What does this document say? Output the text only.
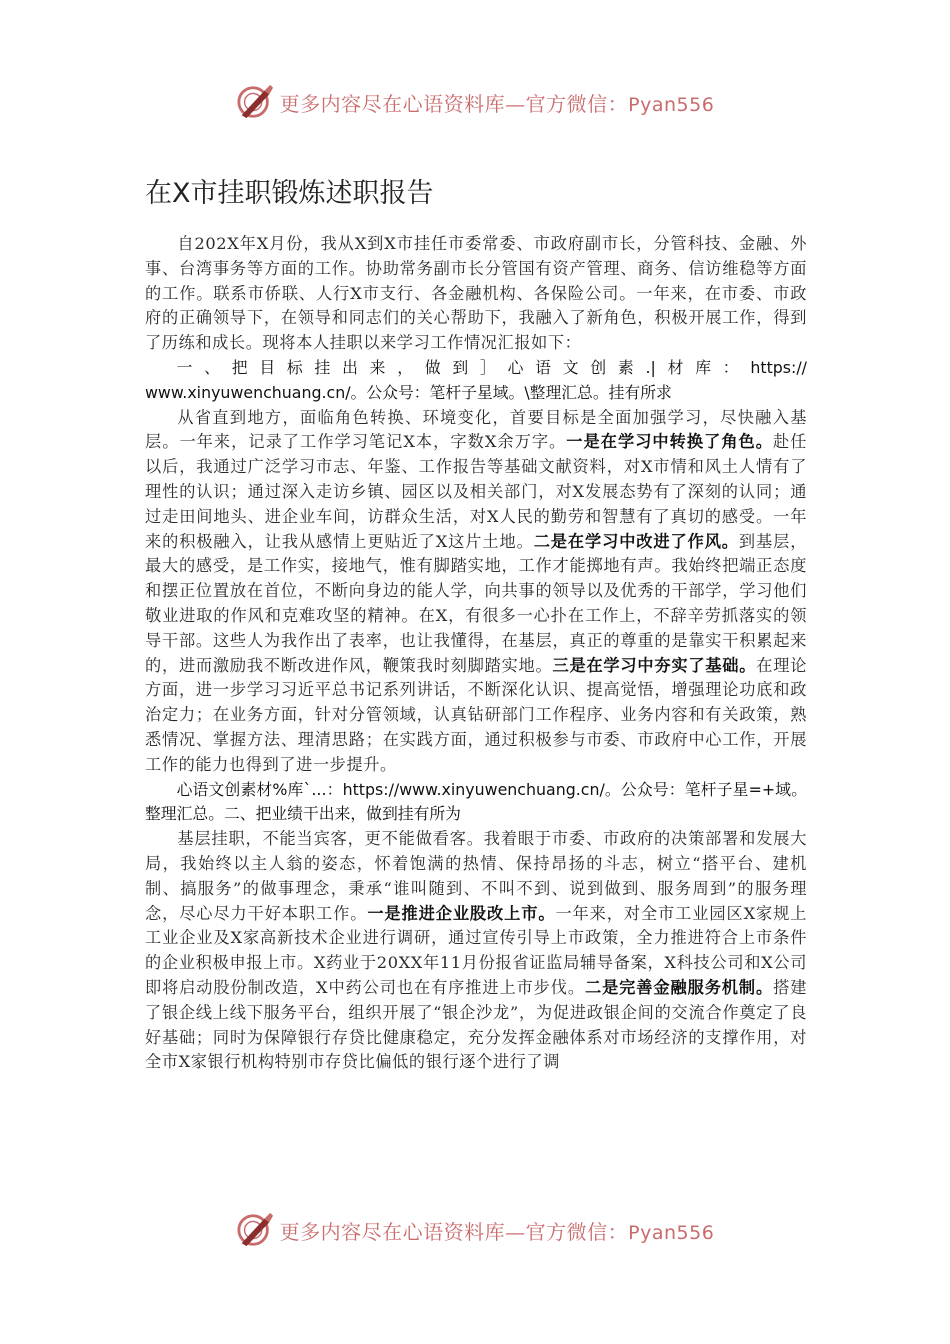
更多内容尽在心语资料库—官方微信：Pyan556
在X市挂职锻炼述职报告

自202X年X月份，我从X到X市挂任市委常委、市政府副市长，分管科技、金融、外事、台湾事务等方面的工作。协助常务副市长分管国有资产管理、商务、信访维稳等方面的工作。联系市侨联、人行X市支行、各金融机构、各保险公司。一年来，在市委、市政府的正确领导下，在领导和同志们的关心帮助下，我融入了新角色，积极开展工作，得到了历练和成长。现将本人挂职以来学习工作情况汇报如下：

一、把目标挂出来，做到］心语文创素.|材库：https://

www.xinyuwenchuang.cn/。公众号：笔杆子星域。\整理汇总。挂有所求

从省直到地方，面临角色转换、环境变化，首要目标是全面加强学习，尽快融入基层。一年来，记录了工作学习笔记X本，字数X余万字。一是在学习中转换了角色。赴任以后，我通过广泛学习市志、年鉴、工作报告等基础文献资料，对X市情和风土人情有了理性的认识；通过深入走访乡镇、园区以及相关部门，对X发展态势有了深刻的认同；通过走田间地头、进企业车间，访群众生活，对X人民的勤劳和智慧有了真切的感受。一年来的积极融入，让我从感情上更贴近了X这片土地。二是在学习中改进了作风。到基层，最大的感受，是工作实，接地气，惟有脚踏实地，工作才能掷地有声。我始终把端正态度和摆正位置放在首位，不断向身边的能人学，向共事的领导以及优秀的干部学，学习他们敬业进取的作风和克难攻坚的精神。在X，有很多一心扑在工作上，不辞辛劳抓落实的领导干部。这些人为我作出了表率，也让我懂得，在基层，真正的尊重的是靠实干积累起来的，进而激励我不断改进作风，鞭策我时刻脚踏实地。三是在学习中夯实了基础。在理论方面，进一步学习习近平总书记系列讲话，不断深化认识、提高觉悟，增强理论功底和政治定力；在业务方面，针对分管领域，认真钻研部门工作程序、业务内容和有关政策，熟悉情况、掌握方法、理清思路；在实践方面，通过积极参与市委、市政府中心工作，开展工作的能力也得到了进一步提升。

心语文创素材%库`...：https://www.xinyuwenchuang.cn/。公众号：笔杆子星=+域。整理汇总。二、把业绩干出来，做到挂有所为

基层挂职，不能当宾客，更不能做看客。我着眼于市委、市政府的决策部署和发展大局，我始终以主人翁的姿态，怀着饱满的热情、保持昂扬的斗志，树立“搭平台、建机制、搞服务”的做事理念，秉承“谁叫随到、不叫不到、说到做到、服务周到”的服务理念，尽心尽力干好本职工作。一是推进企业股改上市。一年来，对全市工业园区X家规上工业企业及X家高新技术企业进行调研，通过宣传引导上市政策，全力推进符合上市条件的企业积极申报上市。X药业于20XX年11月份报省证监局辅导备案，X科技公司和X公司即将启动股份制改造，X中药公司也在有序推进上市步伐。二是完善金融服务机制。搭建了银企线上线下服务平台，组织开展了“银企沙龙”，为促进政银企间的交流合作奠定了良好基础；同时为保障银行存贷比健康稳定，充分发挥金融体系对市场经济的支撑作用，对全市X家银行机构特别市存贷比偏低的银行逐个进行了调

更多内容尽在心语资料库—官方微信：Pyan556
